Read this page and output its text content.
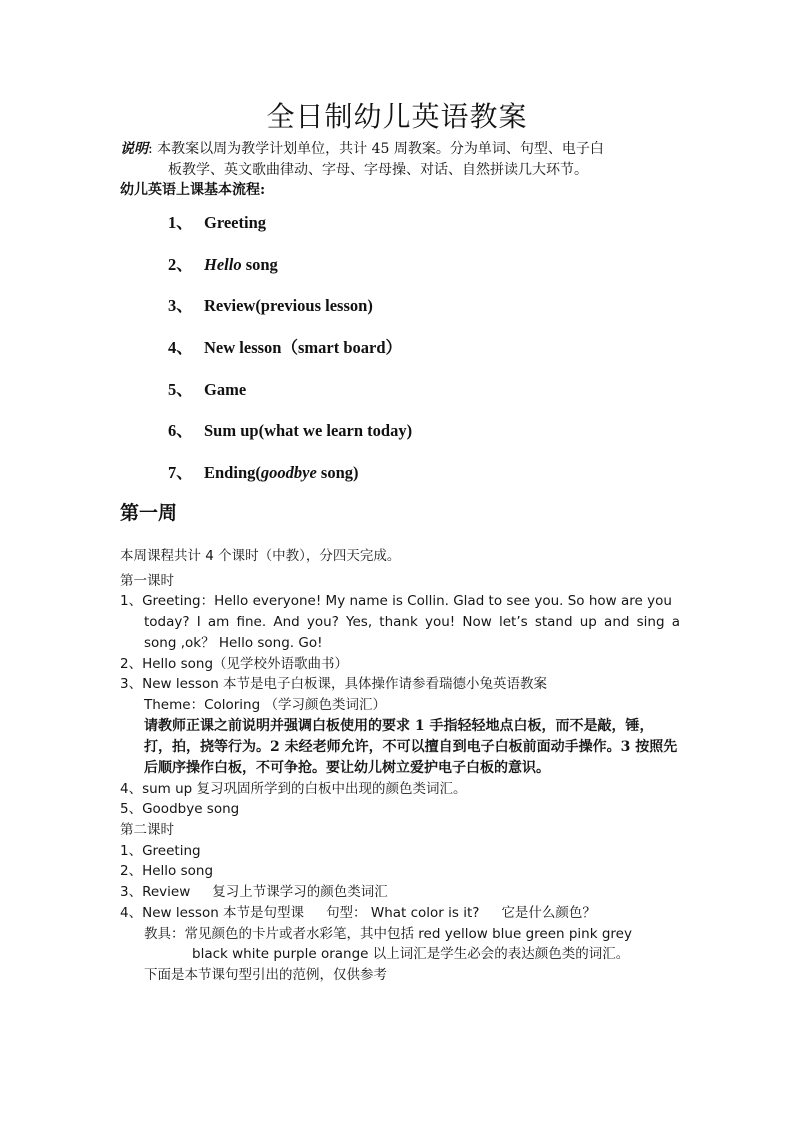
全日制幼儿英语教案
说明: 本教案以周为教学计划单位，共计 45 周教案。分为单词、句型、电子白
板教学、英文歌曲律动、字母、字母操、对话、自然拼读几大环节。
幼儿英语上课基本流程:
1、 Greeting
2、 Hello song
3、 Review(previous lesson)
4、 New lesson（smart board）
5、 Game
6、 Sum up(what we learn today)
7、 Ending(goodbye song)
第一周
本周课程共计 4 个课时（中教），分四天完成。
第一课时
1、Greeting：Hello everyone! My name is Collin. Glad to see you. So how are you
today? I am fine. And you? Yes, thank you! Now let’s stand up and sing a
song ,ok？ Hello song. Go!
2、Hello song（见学校外语歌曲书）
3、New lesson 本节是电子白板课，具体操作请参看瑞德小兔英语教案
Theme：Coloring （学习颜色类词汇）
请教师正课之前说明并强调白板使用的要求 1 手指轻轻地点白板，而不是敲，锤，打，拍，挠等行为。2 未经老师允许，不可以擅自到电子白板前面动手操作。3 按照先后顺序操作白板，不可争抢。要让幼儿树立爱护电子白板的意识。
4、sum up 复习巩固所学到的白板中出现的颜色类词汇。
5、Goodbye song
第二课时
1、Greeting
2、Hello song
3、Review 复习上节课学习的颜色类词汇
4、New lesson 本节是句型课 句型： What color is it? 它是什么颜色？
教具：常见颜色的卡片或者水彩笔，其中包括 red yellow blue green pink grey
black white purple orange 以上词汇是学生必会的表达颜色类的词汇。
下面是本节课句型引出的范例，仅供参考
